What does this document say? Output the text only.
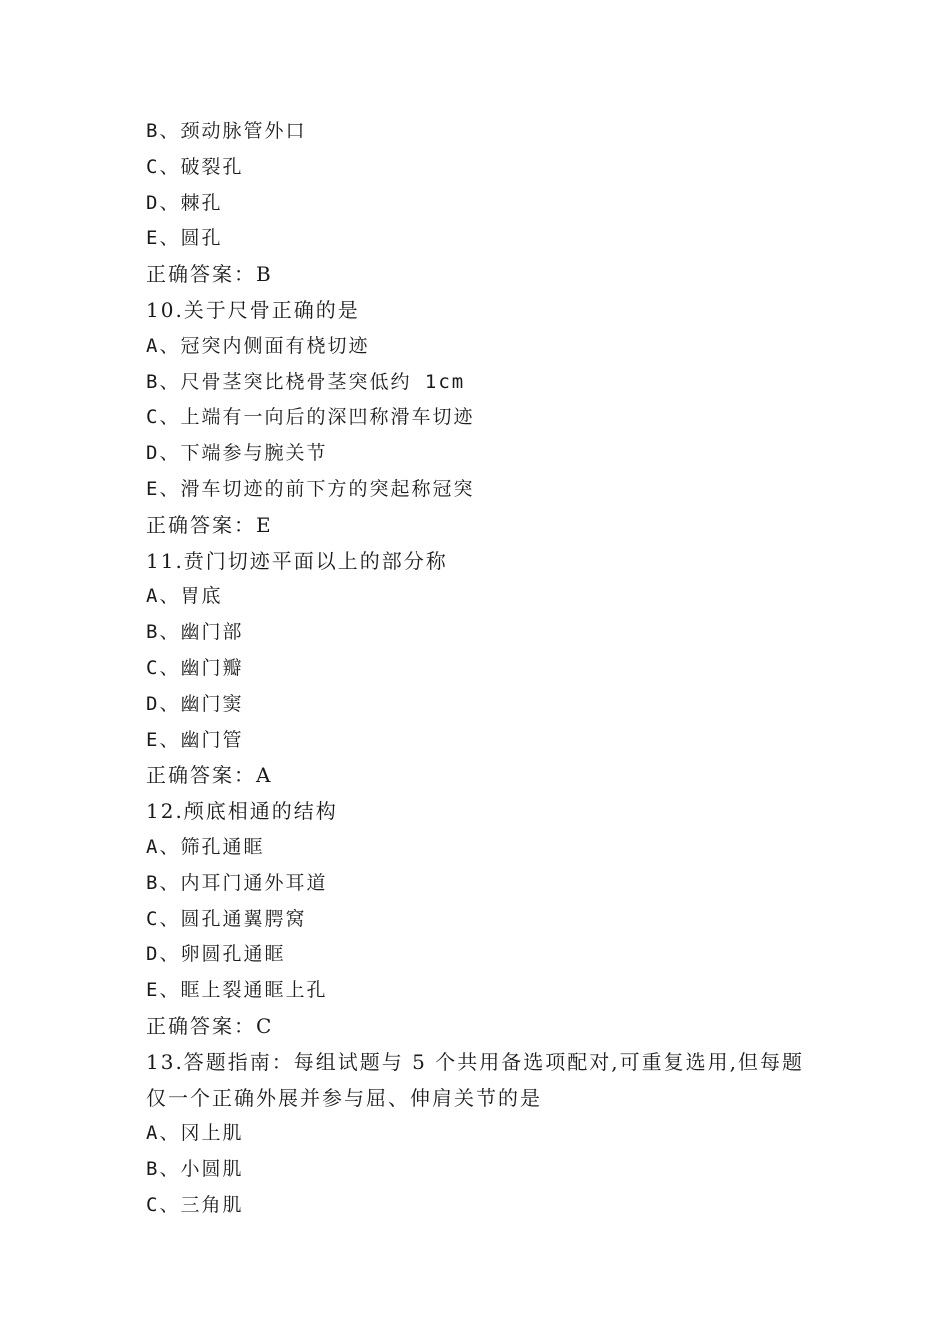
B、颈动脉管外口
C、破裂孔
D、棘孔
E、圆孔
正确答案：B
10.关于尺骨正确的是
A、冠突内侧面有桡切迹
B、尺骨茎突比桡骨茎突低约 1cm
C、上端有一向后的深凹称滑车切迹
D、下端参与腕关节
E、滑车切迹的前下方的突起称冠突
正确答案：E
11.贲门切迹平面以上的部分称
A、胃底
B、幽门部
C、幽门瓣
D、幽门窦
E、幽门管
正确答案：A
12.颅底相通的结构
A、筛孔通眶
B、内耳门通外耳道
C、圆孔通翼腭窝
D、卵圆孔通眶
E、眶上裂通眶上孔
正确答案：C
13.答题指南：每组试题与 5 个共用备选项配对,可重复选用,但每题
仅一个正确外展并参与屈、伸肩关节的是
A、冈上肌
B、小圆肌
C、三角肌
